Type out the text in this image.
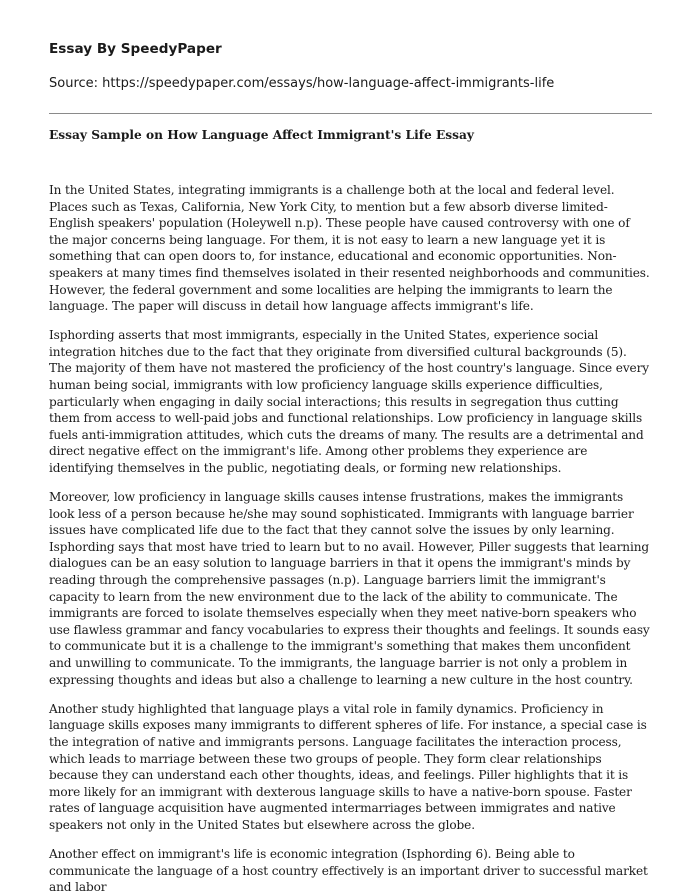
Essay By SpeedyPaper

Source: https://speedypaper.com/essays/how-language-affect-immigrants-life

Essay Sample on How Language Affect Immigrant's Life Essay

In the United States, integrating immigrants is a challenge both at the local and federal level. Places such as Texas, California, New York City, to mention but a few absorb diverse limited-English speakers' population (Holeywell n.p). These people have caused controversy with one of the major concerns being language. For them, it is not easy to learn a new language yet it is something that can open doors to, for instance, educational and economic opportunities. Non-speakers at many times find themselves isolated in their resented neighborhoods and communities. However, the federal government and some localities are helping the immigrants to learn the language. The paper will discuss in detail how language affects immigrant's life.

Isphording asserts that most immigrants, especially in the United States, experience social integration hitches due to the fact that they originate from diversified cultural backgrounds (5). The majority of them have not mastered the proficiency of the host country's language. Since every human being social, immigrants with low proficiency language skills experience difficulties, particularly when engaging in daily social interactions; this results in segregation thus cutting them from access to well-paid jobs and functional relationships. Low proficiency in language skills fuels anti-immigration attitudes, which cuts the dreams of many. The results are a detrimental and direct negative effect on the immigrant's life. Among other problems they experience are identifying themselves in the public, negotiating deals, or forming new relationships.

Moreover, low proficiency in language skills causes intense frustrations, makes the immigrants look less of a person because he/she may sound sophisticated. Immigrants with language barrier issues have complicated life due to the fact that they cannot solve the issues by only learning. Isphording says that most have tried to learn but to no avail. However, Piller suggests that learning dialogues can be an easy solution to language barriers in that it opens the immigrant's minds by reading through the comprehensive passages (n.p). Language barriers limit the immigrant's capacity to learn from the new environment due to the lack of the ability to communicate. The immigrants are forced to isolate themselves especially when they meet native-born speakers who use flawless grammar and fancy vocabularies to express their thoughts and feelings. It sounds easy to communicate but it is a challenge to the immigrant's something that makes them unconfident and unwilling to communicate. To the immigrants, the language barrier is not only a problem in expressing thoughts and ideas but also a challenge to learning a new culture in the host country.

Another study highlighted that language plays a vital role in family dynamics. Proficiency in language skills exposes many immigrants to different spheres of life. For instance, a special case is the integration of native and immigrants persons. Language facilitates the interaction process, which leads to marriage between these two groups of people. They form clear relationships because they can understand each other thoughts, ideas, and feelings. Piller highlights that it is more likely for an immigrant with dexterous language skills to have a native-born spouse. Faster rates of language acquisition have augmented intermarriages between immigrates and native speakers not only in the United States but elsewhere across the globe.

Another effect on immigrant's life is economic integration (Isphording 6). Being able to communicate the language of a host country effectively is an important driver to successful market and labor
